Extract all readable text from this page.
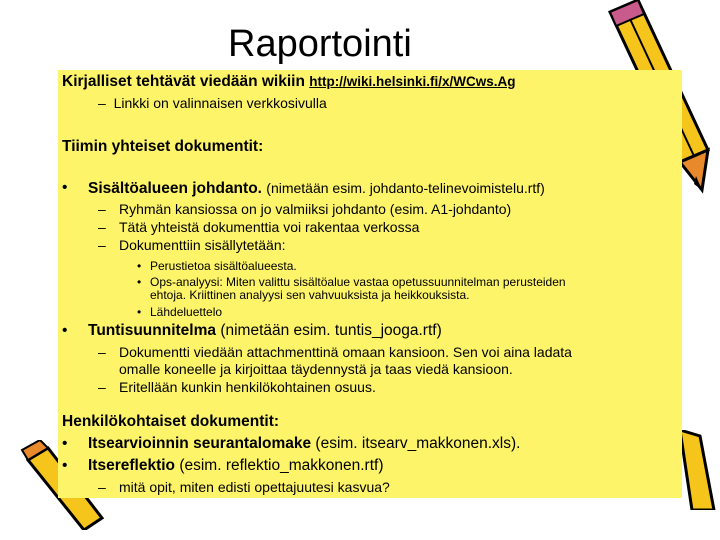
Raportointi
Kirjalliset tehtävät viedään wikiin http://wiki.helsinki.fi/x/WCws.Ag
– Linkki on valinnaisen verkkosivulla
Tiimin yhteiset dokumentit:
• Sisältöalueen johdanto. (nimetään esim. johdanto-telinevoimistelu.rtf)
– Ryhmän kansiossa on jo valmiiksi johdanto (esim. A1-johdanto)
– Tätä yhteistä dokumenttia voi rakentaa verkossa
– Dokumenttiin sisällytetään:
• Perustietoa sisältöalueesta.
• Ops-analyysi: Miten valittu sisältöalue vastaa opetussuunnitelman perusteiden
ehtoja. Kriittinen analyysi sen vahvuuksista ja heikkouksista.
• Lähdeluettelo
• Tuntisuunnitelma (nimetään esim. tuntis_jooga.rtf)
– Dokumentti viedään attachmenttinä omaan kansioon. Sen voi aina ladata
omalle koneelle ja kirjoittaa täydennystä ja taas viedä kansioon.
– Eritellään kunkin henkilökohtainen osuus.
Henkilökohtaiset dokumentit:
• Itsearvioinnin seurantalomake (esim. itsearv_makkonen.xls).
• Itsereflektio (esim. reflektio_makkonen.rtf)
– mitä opit, miten edisti opettajuutesi kasvua?
